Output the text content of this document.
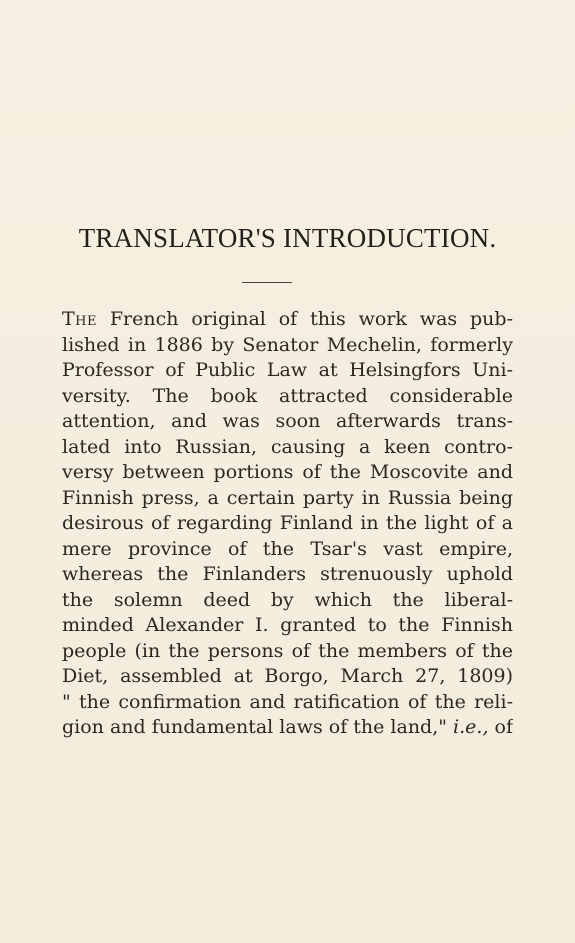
TRANSLATOR'S INTRODUCTION.
The French original of this work was pub-
lished in 1886 by Senator Mechelin, formerly
Professor of Public Law at Helsingfors Uni-
versity. The book attracted considerable
attention, and was soon afterwards trans-
lated into Russian, causing a keen contro-
versy between portions of the Moscovite and
Finnish press, a certain party in Russia being
desirous of regarding Finland in the light of a
mere province of the Tsar's vast empire,
whereas the Finlanders strenuously uphold
the solemn deed by which the liberal-
minded Alexander I. granted to the Finnish
people (in the persons of the members of the
Diet, assembled at Borgo, March 27, 1809)
" the confirmation and ratification of the reli-
gion and fundamental laws of the land," i.e., of
